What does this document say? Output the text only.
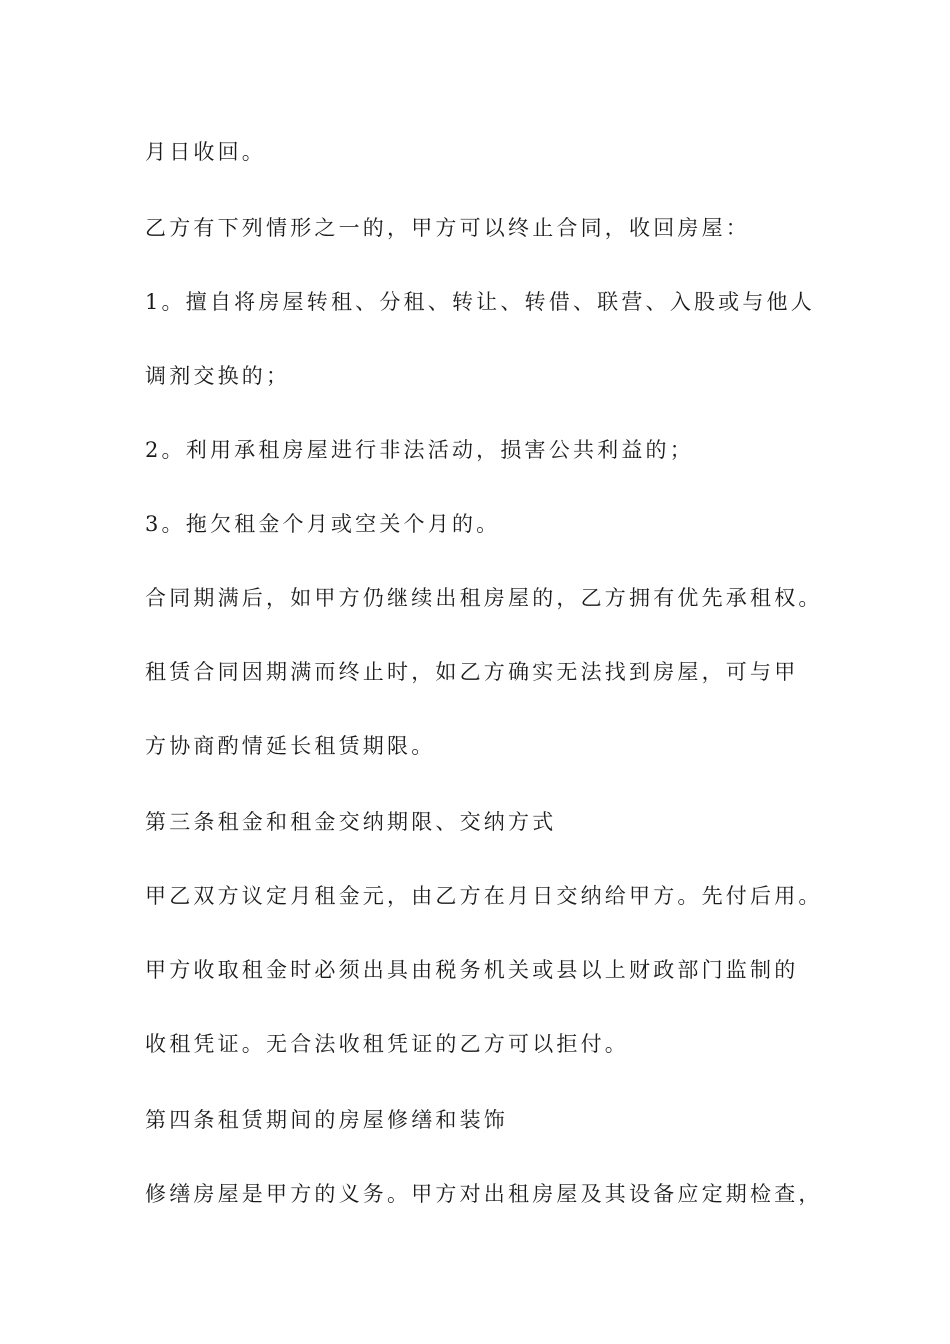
月日收回。

乙方有下列情形之一的，甲方可以终止合同，收回房屋：

1。擅自将房屋转租、分租、转让、转借、联营、入股或与他人

调剂交换的；

2。利用承租房屋进行非法活动，损害公共利益的；

3。拖欠租金个月或空关个月的。

合同期满后，如甲方仍继续出租房屋的，乙方拥有优先承租权。

租赁合同因期满而终止时，如乙方确实无法找到房屋，可与甲

方协商酌情延长租赁期限。

第三条租金和租金交纳期限、交纳方式

甲乙双方议定月租金元，由乙方在月日交纳给甲方。先付后用。

甲方收取租金时必须出具由税务机关或县以上财政部门监制的

收租凭证。无合法收租凭证的乙方可以拒付。

第四条租赁期间的房屋修缮和装饰

修缮房屋是甲方的义务。甲方对出租房屋及其设备应定期检查，
